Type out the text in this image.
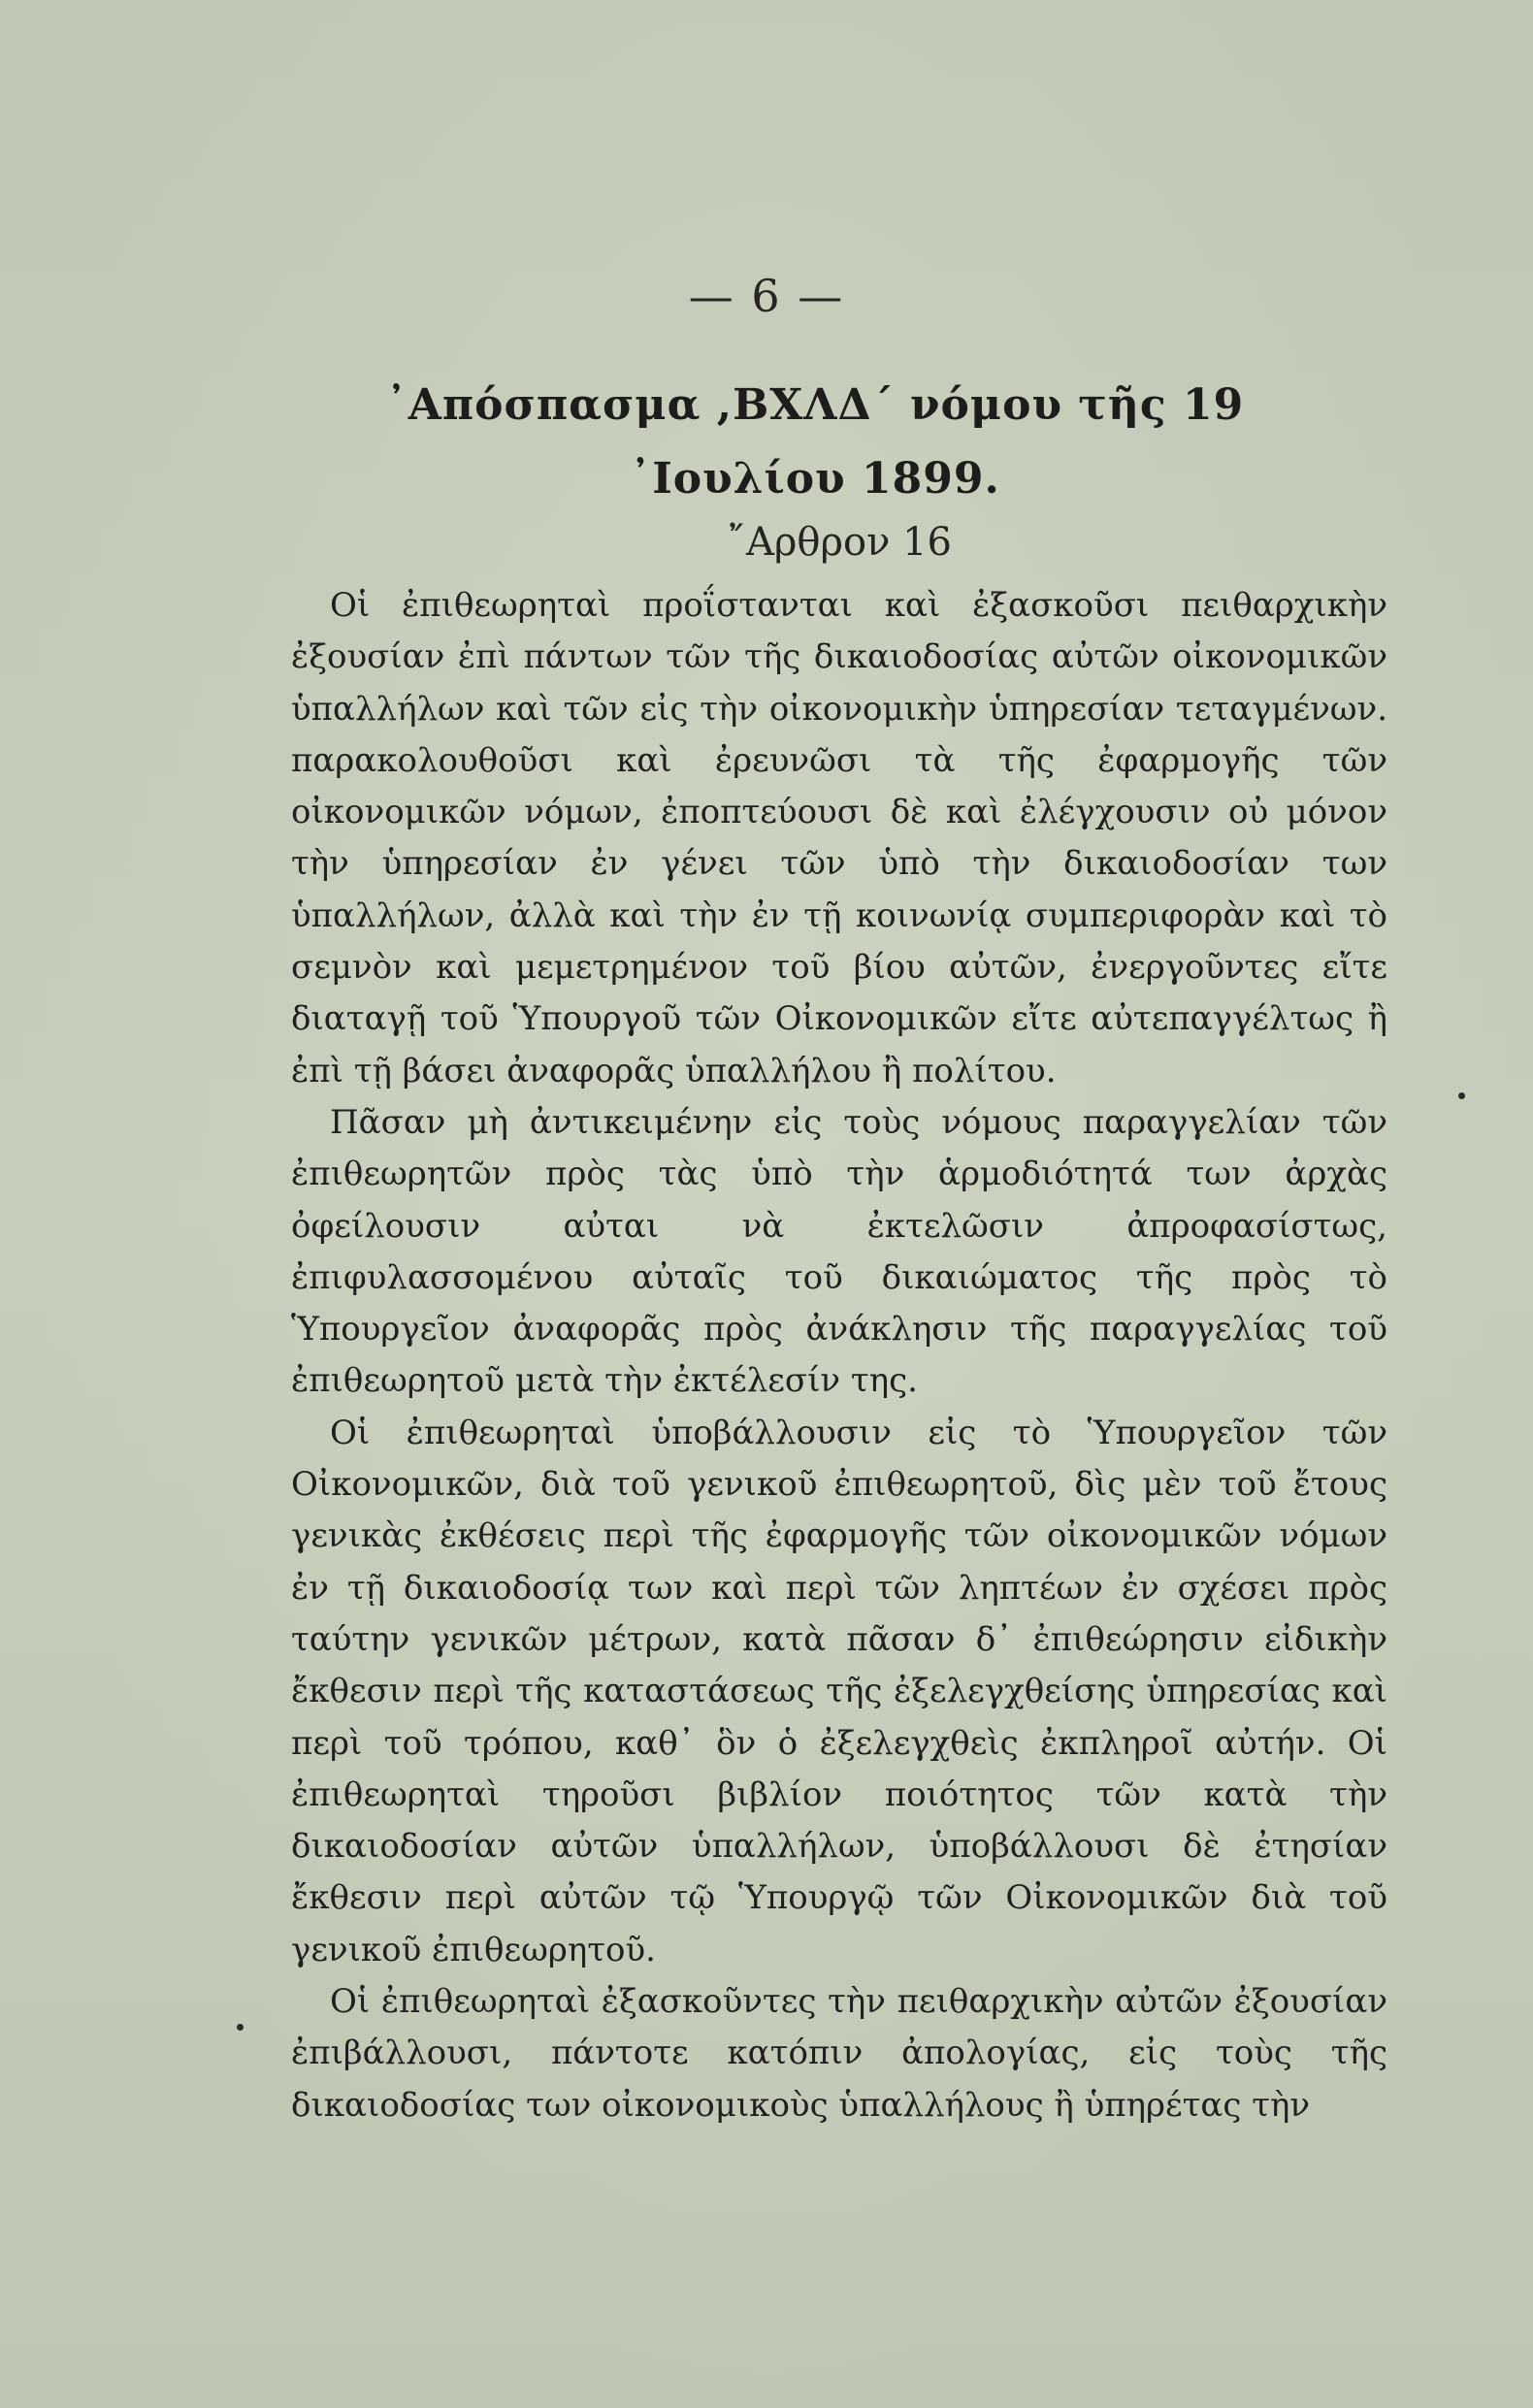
— 6 —
᾽Απόσπασμα ,ΒΧΛΔ΄ νόμου τῆς 19 ᾽Ιουλίου 1899.
῎Αρθρον 16

Οἱ ἐπιθεωρηταὶ προΐστανται καὶ ἐξασκοῦσι πειθαρχικὴν ἐξουσίαν ἐπὶ πάντων τῶν τῆς δικαιοδοσίας αὐτῶν οἰκονομικῶν ὑπαλλήλων καὶ τῶν εἰς τὴν οἰκονομικὴν ὑπηρεσίαν τεταγμένων. παρακολουθοῦσι καὶ ἐρευνῶσι τὰ τῆς ἐφαρμογῆς τῶν οἰκονομικῶν νόμων, ἐποπτεύουσι δὲ καὶ ἐλέγχουσιν οὐ μόνον τὴν ὑπηρεσίαν ἐν γένει τῶν ὑπὸ τὴν δικαιοδοσίαν των ὑπαλλήλων, ἀλλὰ καὶ τὴν ἐν τῇ κοινωνίᾳ συμπεριφορὰν καὶ τὸ σεμνὸν καὶ μεμετρημένον τοῦ βίου αὐτῶν, ἐνεργοῦντες εἴτε διαταγῇ τοῦ Ὑπουργοῦ τῶν Οἰκονομικῶν εἴτε αὐτεπαγγέλτως ἢ ἐπὶ τῇ βάσει ἀναφορᾶς ὑπαλλήλου ἢ πολίτου.

Πᾶσαν μὴ ἀντικειμένην εἰς τοὺς νόμους παραγγελίαν τῶν ἐπιθεωρητῶν πρὸς τὰς ὑπὸ τὴν ἁρμοδιότητά των ἀρχὰς ὀφείλουσιν αὐται νὰ ἐκτελῶσιν ἀπροφασίστως, ἐπιφυλασσομένου αὐταῖς τοῦ δικαιώματος τῆς πρὸς τὸ Ὑπουργεῖον ἀναφορᾶς πρὸς ἀνάκλησιν τῆς παραγγελίας τοῦ ἐπιθεωρητοῦ μετὰ τὴν ἐκτέλεσίν της.

Οἱ ἐπιθεωρηταὶ ὑποβάλλουσιν εἰς τὸ Ὑπουργεῖον τῶν Οἰκονομικῶν, διὰ τοῦ γενικοῦ ἐπιθεωρητοῦ, δὶς μὲν τοῦ ἔτους γενικὰς ἐκθέσεις περὶ τῆς ἐφαρμογῆς τῶν οἰκονομικῶν νόμων ἐν τῇ δικαιοδοσίᾳ των καὶ περὶ τῶν ληπτέων ἐν σχέσει πρὸς ταύτην γενικῶν μέτρων, κατὰ πᾶσαν δ᾽ ἐπιθεώρησιν εἰδικὴν ἔκθεσιν περὶ τῆς καταστάσεως τῆς ἐξελεγχθείσης ὑπηρεσίας καὶ περὶ τοῦ τρόπου, καθ᾽ ὃν ὁ ἐξελεγχθεὶς ἐκπληροῖ αὐτήν. Οἱ ἐπιθεωρηταὶ τηροῦσι βιβλίον ποιότητος τῶν κατὰ τὴν δικαιοδοσίαν αὐτῶν ὑπαλλήλων, ὑποβάλλουσι δὲ ἐτησίαν ἔκθεσιν περὶ αὐτῶν τῷ Ὑπουργῷ τῶν Οἰκονομικῶν διὰ τοῦ γενικοῦ ἐπιθεωρητοῦ.

Οἱ ἐπιθεωρηταὶ ἐξασκοῦντες τὴν πειθαρχικὴν αὐτῶν ἐξουσίαν ἐπιβάλλουσι, πάντοτε κατόπιν ἀπολογίας, εἰς τοὺς τῆς δικαιοδοσίας των οἰκονομικοὺς ὑπαλλήλους ἢ ὑπηρέτας τὴν
